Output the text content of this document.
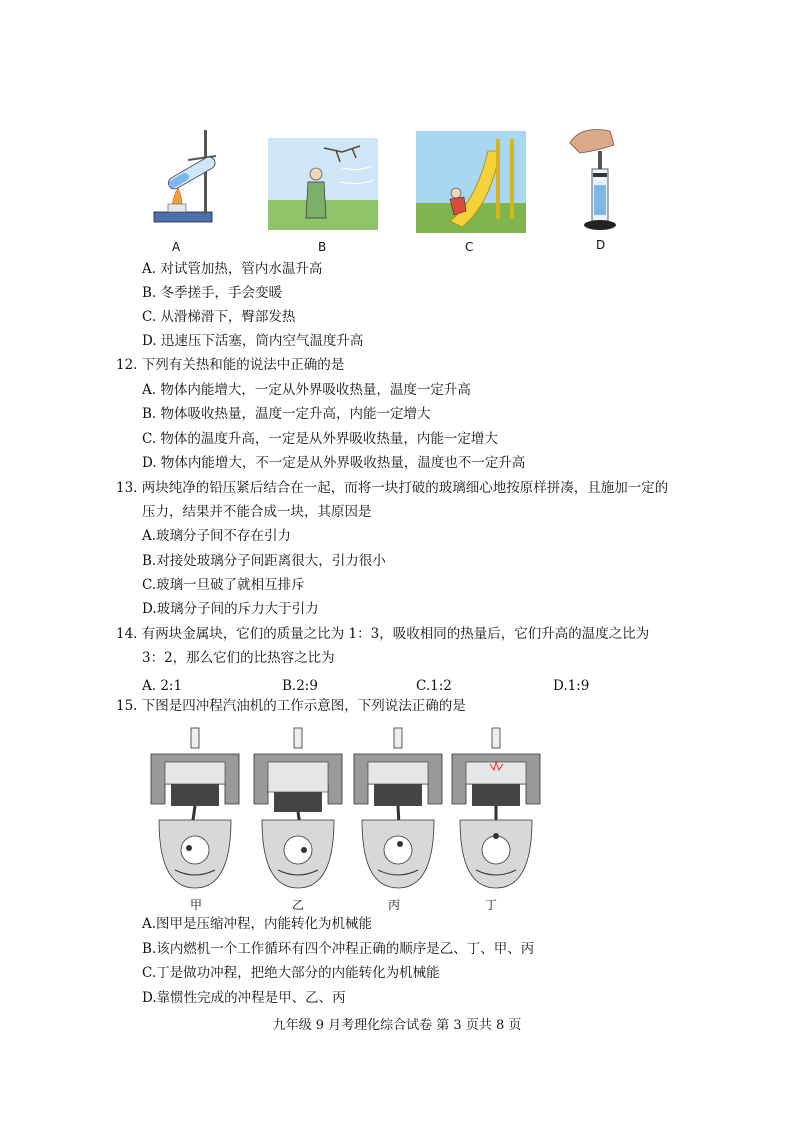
A	B	C	D
A. 对试管加热，管内水温升高
B. 冬季搓手，手会变暖
C. 从滑梯滑下，臀部发热
D. 迅速压下活塞，筒内空气温度升高
12. 下列有关热和能的说法中正确的是
A. 物体内能增大，一定从外界吸收热量，温度一定升高
B. 物体吸收热量，温度一定升高，内能一定增大
C. 物体的温度升高，一定是从外界吸收热量，内能一定增大
D. 物体内能增大，不一定是从外界吸收热量，温度也不一定升高
13. 两块纯净的铅压紧后结合在一起，而将一块打破的玻璃细心地按原样拼凑，且施加一定的
压力，结果并不能合成一块，其原因是
A.玻璃分子间不存在引力
B.对接处玻璃分子间距离很大，引力很小
C.玻璃一旦破了就相互排斥
D.玻璃分子间的斥力大于引力
14. 有两块金属块，它们的质量之比为 1：3，吸收相同的热量后，它们升高的温度之比为
3：2，那么它们的比热容之比为
A. 2:1	B.2:9	C.1:2	D.1:9
15. 下图是四冲程汽油机的工作示意图，下列说法正确的是
甲	乙	丙	丁
A.图甲是压缩冲程，内能转化为机械能
B.该内燃机一个工作循环有四个冲程正确的顺序是乙、丁、甲、丙
C.丁是做功冲程，把绝大部分的内能转化为机械能
D.靠惯性完成的冲程是甲、乙、丙
九年级 9 月考理化综合试卷 第 3 页共 8 页
